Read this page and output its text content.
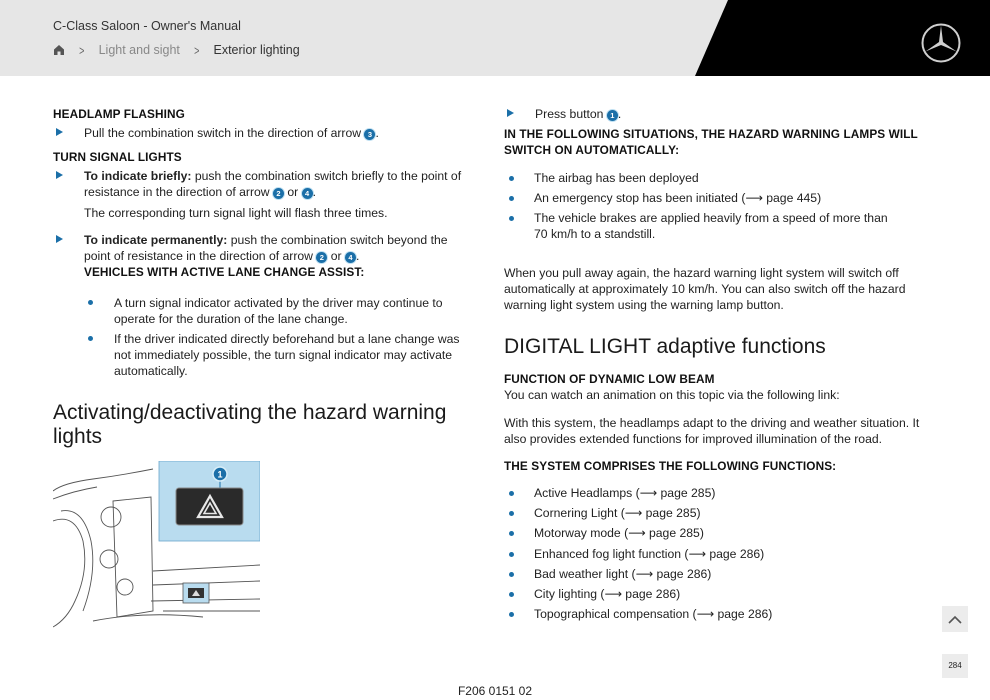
C-Class Saloon - Owner's Manual
> Light and sight > Exterior lighting
HEADLAMP FLASHING
Pull the combination switch in the direction of arrow 3 .
TURN SIGNAL LIGHTS
To indicate briefly: push the combination switch briefly to the point of
resistance in the direction of arrow 2 or 4 .
The corresponding turn signal light will flash three times.
To indicate permanently: push the combination switch beyond the
point of resistance in the direction of arrow 2 or 4 .
VEHICLES WITH ACTIVE LANE CHANGE ASSIST:
A turn signal indicator activated by the driver may continue to
operate for the duration of the lane change.
If the driver indicated directly beforehand but a lane change was
not immediately possible, the turn signal indicator may activate
automatically.
Activating/deactivating the hazard warning
lights
1
Press button 1 .
IN THE FOLLOWING SITUATIONS, THE HAZARD WARNING LAMPS WILL
SWITCH ON AUTOMATICALLY:
The airbag has been deployed
An emergency stop has been initiated (⟶ page 445)
The vehicle brakes are applied heavily from a speed of more than
70 km/h to a standstill.
When you pull away again, the hazard warning light system will switch off
automatically at approximately 10 km/h. You can also switch off the hazard
warning light system using the warning lamp button.
DIGITAL LIGHT adaptive functions
FUNCTION OF DYNAMIC LOW BEAM
You can watch an animation on this topic via the following link:
With this system, the headlamps adapt to the driving and weather situation. It
also provides extended functions for improved illumination of the road.
THE SYSTEM COMPRISES THE FOLLOWING FUNCTIONS:
Active Headlamps (⟶ page 285)
Cornering Light (⟶ page 285)
Motorway mode (⟶ page 285)
Enhanced fog light function (⟶ page 286)
Bad weather light (⟶ page 286)
City lighting (⟶ page 286)
Topographical compensation (⟶ page 286)
284
F206 0151 02
